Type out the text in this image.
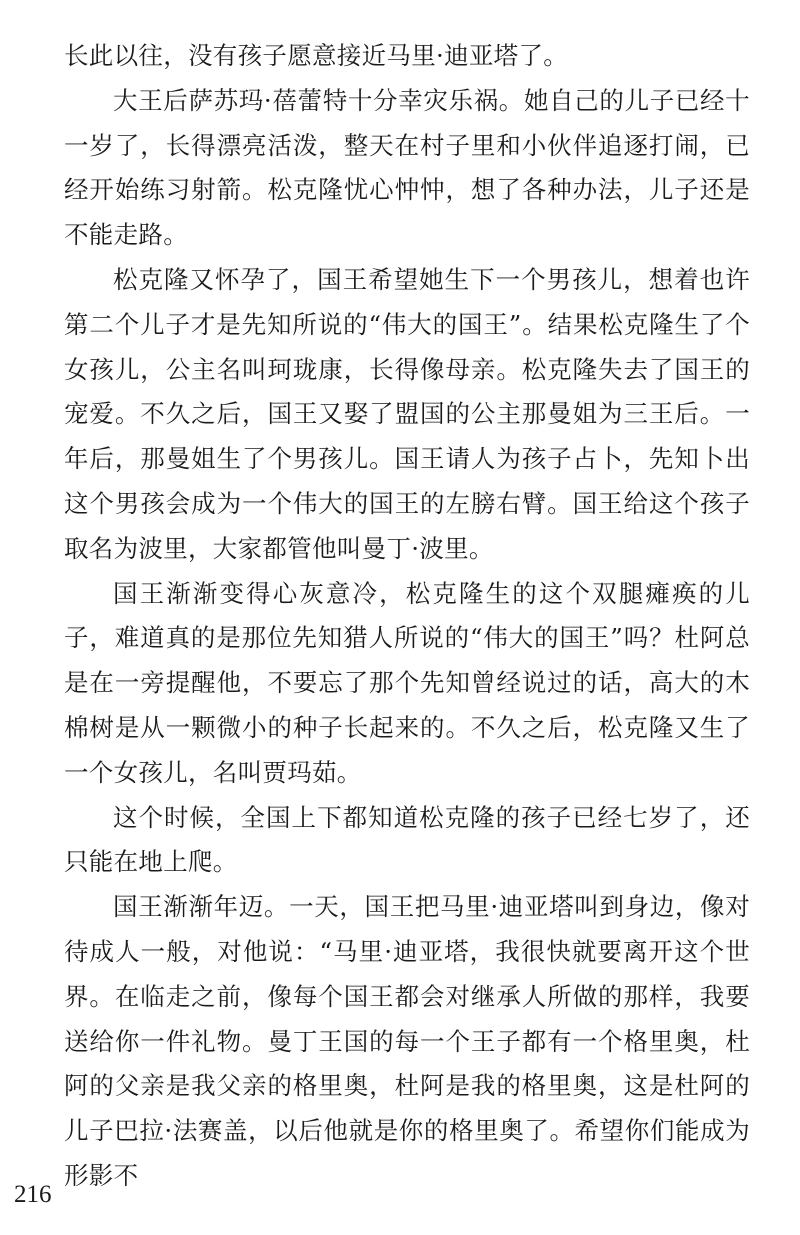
长此以往，没有孩子愿意接近马里·迪亚塔了。

大王后萨苏玛·蓓蕾特十分幸灾乐祸。她自己的儿子已经十一岁了，长得漂亮活泼，整天在村子里和小伙伴追逐打闹，已经开始练习射箭。松克隆忧心忡忡，想了各种办法，儿子还是不能走路。

松克隆又怀孕了，国王希望她生下一个男孩儿，想着也许第二个儿子才是先知所说的“伟大的国王”。结果松克隆生了个女孩儿，公主名叫珂珑康，长得像母亲。松克隆失去了国王的宠爱。不久之后，国王又娶了盟国的公主那曼姐为三王后。一年后，那曼姐生了个男孩儿。国王请人为孩子占卜，先知卜出这个男孩会成为一个伟大的国王的左膀右臂。国王给这个孩子取名为波里，大家都管他叫曼丁·波里。

国王渐渐变得心灰意冷，松克隆生的这个双腿瘫痪的儿子，难道真的是那位先知猎人所说的“伟大的国王”吗？杜阿总是在一旁提醒他，不要忘了那个先知曾经说过的话，高大的木棉树是从一颗微小的种子长起来的。不久之后，松克隆又生了一个女孩儿，名叫贾玛茹。

这个时候，全国上下都知道松克隆的孩子已经七岁了，还只能在地上爬。

国王渐渐年迈。一天，国王把马里·迪亚塔叫到身边，像对待成人一般，对他说：“马里·迪亚塔，我很快就要离开这个世界。在临走之前，像每个国王都会对继承人所做的那样，我要送给你一件礼物。曼丁王国的每一个王子都有一个格里奥，杜阿的父亲是我父亲的格里奥，杜阿是我的格里奥，这是杜阿的儿子巴拉·法赛盖，以后他就是你的格里奥了。希望你们能成为形影不

216
